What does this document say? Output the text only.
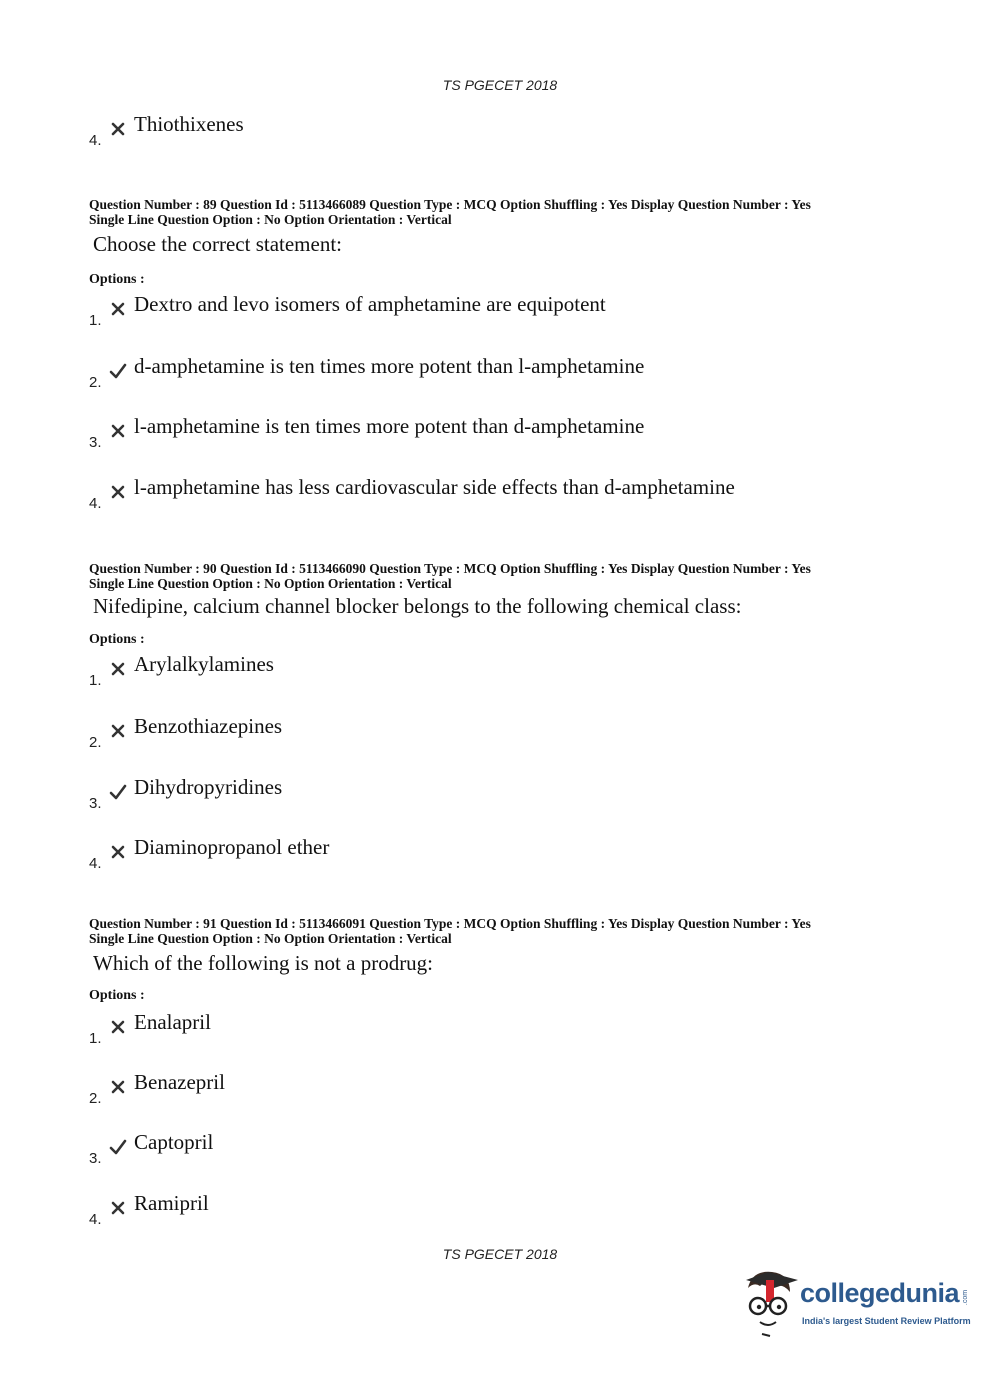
TS PGECET 2018
4.
Thiothixenes
Question Number : 89 Question Id : 5113466089 Question Type : MCQ Option Shuffling : Yes Display Question Number : Yes
Single Line Question Option : No Option Orientation : Vertical
Choose the correct statement:
Options :
1.
Dextro and levo isomers of amphetamine are equipotent
2.
d-amphetamine is ten times more potent than l-amphetamine
3.
l-amphetamine is ten times more potent than d-amphetamine
4.
l-amphetamine has less cardiovascular side effects than d-amphetamine
Question Number : 90 Question Id : 5113466090 Question Type : MCQ Option Shuffling : Yes Display Question Number : Yes
Single Line Question Option : No Option Orientation : Vertical
Nifedipine, calcium channel blocker belongs to the following chemical class:
Options :
1.
Arylalkylamines
2.
Benzothiazepines
3.
Dihydropyridines
4.
Diaminopropanol ether
Question Number : 91 Question Id : 5113466091 Question Type : MCQ Option Shuffling : Yes Display Question Number : Yes
Single Line Question Option : No Option Orientation : Vertical
Which of the following is not a prodrug:
Options :
1.
Enalapril
2.
Benazepril
3.
Captopril
4.
Ramipril
TS PGECET 2018
collegedunia .com
India's largest Student Review Platform
